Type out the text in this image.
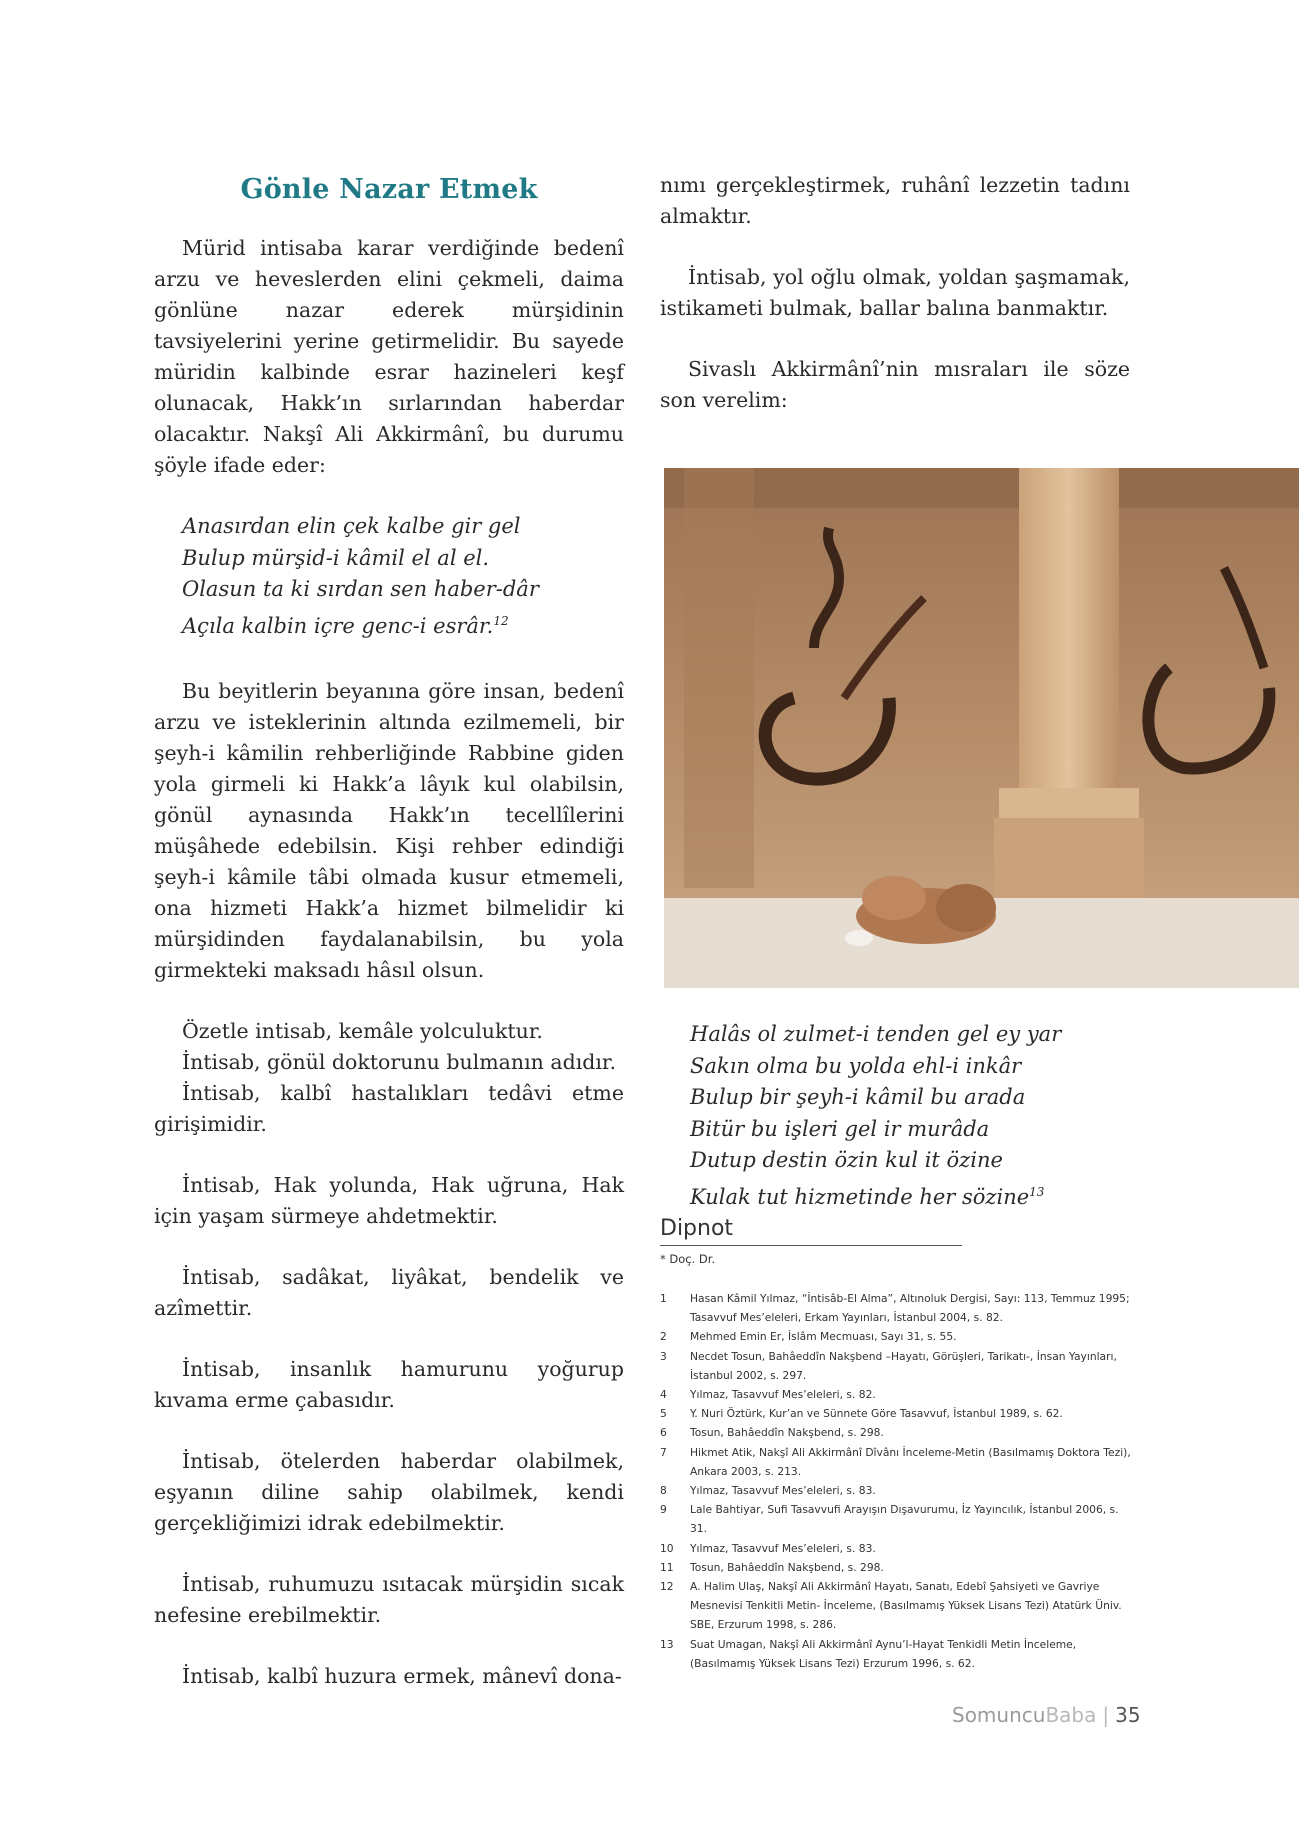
Gönle Nazar Etmek

Mürid intisaba karar verdiğinde bedenî arzu ve heveslerden elini çekmeli, daima gönlüne nazar ederek mürşidinin tavsiyelerini yerine getirmelidir. Bu sayede müridin kalbinde esrar hazineleri keşf olunacak, Hakk’ın sırlarından haberdar olacaktır. Nakşî Ali Akkirmânî, bu durumu şöyle ifade eder:

Anasırdan elin çek kalbe gir gel
Bulup mürşid-i kâmil el al el.
Olasun ta ki sırdan sen haber-dâr
Açıla kalbin içre genc-i esrâr.$^{12}$

Bu beyitlerin beyanına göre insan, bedenî arzu ve isteklerinin altında ezilmemeli, bir şeyh-i kâmilin rehberliğinde Rabbine giden yola girmeli ki Hakk’a lâyık kul olabilsin, gönül aynasında Hakk’ın tecellîlerini müşâhede edebilsin. Kişi rehber edindiği şeyh-i kâmile tâbi olmada kusur etmemeli, ona hizmeti Hakk’a hizmet bilmelidir ki mürşidinden faydalanabilsin, bu yola girmekteki maksadı hâsıl olsun.

Özetle intisab, kemâle yolculuktur.

İntisab, gönül doktorunu bulmanın adıdır.

İntisab, kalbî hastalıkları tedâvi etme girişimidir.

İntisab, Hak yolunda, Hak uğruna, Hak için yaşam sürmeye ahdetmektir.

İntisab, sadâkat, liyâkat, bendelik ve azîmettir.

İntisab, insanlık hamurunu yoğurup kıvama erme çabasıdır.

İntisab, ötelerden haberdar olabilmek, eşyanın diline sahip olabilmek, kendi gerçekliğimizi idrak edebilmektir.

İntisab, ruhumuzu ısıtacak mürşidin sıcak nefesine erebilmektir.

İntisab, kalbî huzura ermek, mânevî dona-

nımı gerçekleştirmek, ruhânî lezzetin tadını almaktır.

İntisab, yol oğlu olmak, yoldan şaşmamak, istikameti bulmak, ballar balına banmaktır.

Sivaslı Akkirmânî’nin mısraları ile söze son verelim:

Halâs ol zulmet-i tenden gel ey yar
Sakın olma bu yolda ehl-i inkâr
Bulup bir şeyh-i kâmil bu arada
Bitür bu işleri gel ir murâda
Dutup destin özin kul it özine
Kulak tut hizmetinde her sözine$^{13}$
Dipnot
* Doç. Dr.
1	Hasan Kâmil Yılmaz, “İntisâb-El Alma”, Altınoluk Dergisi, Sayı: 113, Temmuz 1995; Tasavvuf Mes’eleleri, Erkam Yayınları, İstanbul 2004, s. 82.
2	Mehmed Emin Er, İslâm Mecmuası, Sayı 31, s. 55.
3	Necdet Tosun, Bahâeddîn Nakşbend –Hayatı, Görüşleri, Tarikatı-, İnsan Yayınları, İstanbul 2002, s. 297.
4	Yılmaz, Tasavvuf Mes’eleleri, s. 82.
5	Y. Nuri Öztürk, Kur’an ve Sünnete Göre Tasavvuf, İstanbul 1989, s. 62.
6	Tosun, Bahâeddîn Nakşbend, s. 298.
7	Hikmet Atik, Nakşî Ali Akkirmânî Dîvânı İnceleme-Metin (Basılmamış Doktora Tezi), Ankara 2003, s. 213.
8	Yılmaz, Tasavvuf Mes’eleleri, s. 83.
9	Lale Bahtiyar, Sufi Tasavvufi Arayışın Dışavurumu, İz Yayıncılık, İstanbul 2006, s. 31.
10	Yılmaz, Tasavvuf Mes’eleleri, s. 83.
11	Tosun, Bahâeddîn Nakşbend, s. 298.
12	A. Halim Ulaş, Nakşî Ali Akkirmânî Hayatı, Sanatı, Edebî Şahsiyeti ve Gavriye Mesnevisi Tenkitli Metin- İnceleme, (Basılmamış Yüksek Lisans Tezi) Atatürk Üniv. SBE, Erzurum 1998, s. 286.
13	Suat Umagan, Nakşî Ali Akkirmânî Aynu’l-Hayat Tenkidli Metin İnceleme, (Basılmamış Yüksek Lisans Tezi) Erzurum 1996, s. 62.
SomuncuBaba | 35
